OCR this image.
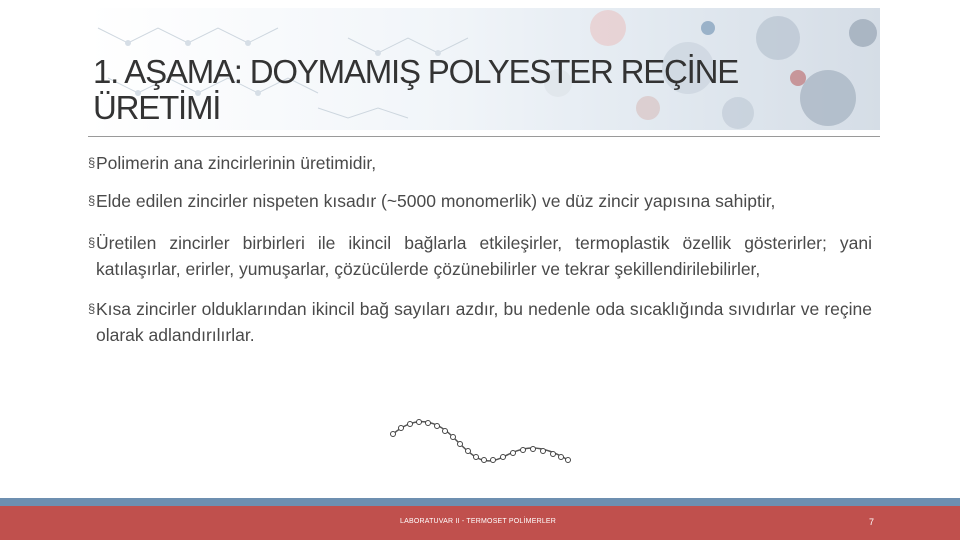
1. AŞAMA: DOYMAMIŞ POLYESTER REÇİNE ÜRETİMİ
§ Polimerin ana zincirlerinin üretimidir,
§ Elde edilen zincirler nispeten kısadır (~5000 monomerlik) ve düz zincir yapısına sahiptir,
§ Üretilen zincirler birbirleri ile ikincil bağlarla etkileşirler, termoplastik özellik gösterirler; yani katılaşırlar, erirler, yumuşarlar, çözücülerde çözünebilirler ve tekrar şekillendirilebilirler,
§ Kısa zincirler olduklarından ikincil bağ sayıları azdır, bu nedenle oda sıcaklığında sıvıdırlar ve reçine olarak adlandırılırlar.
LABORATUVAR II - TERMOSET POLİMERLER	7
